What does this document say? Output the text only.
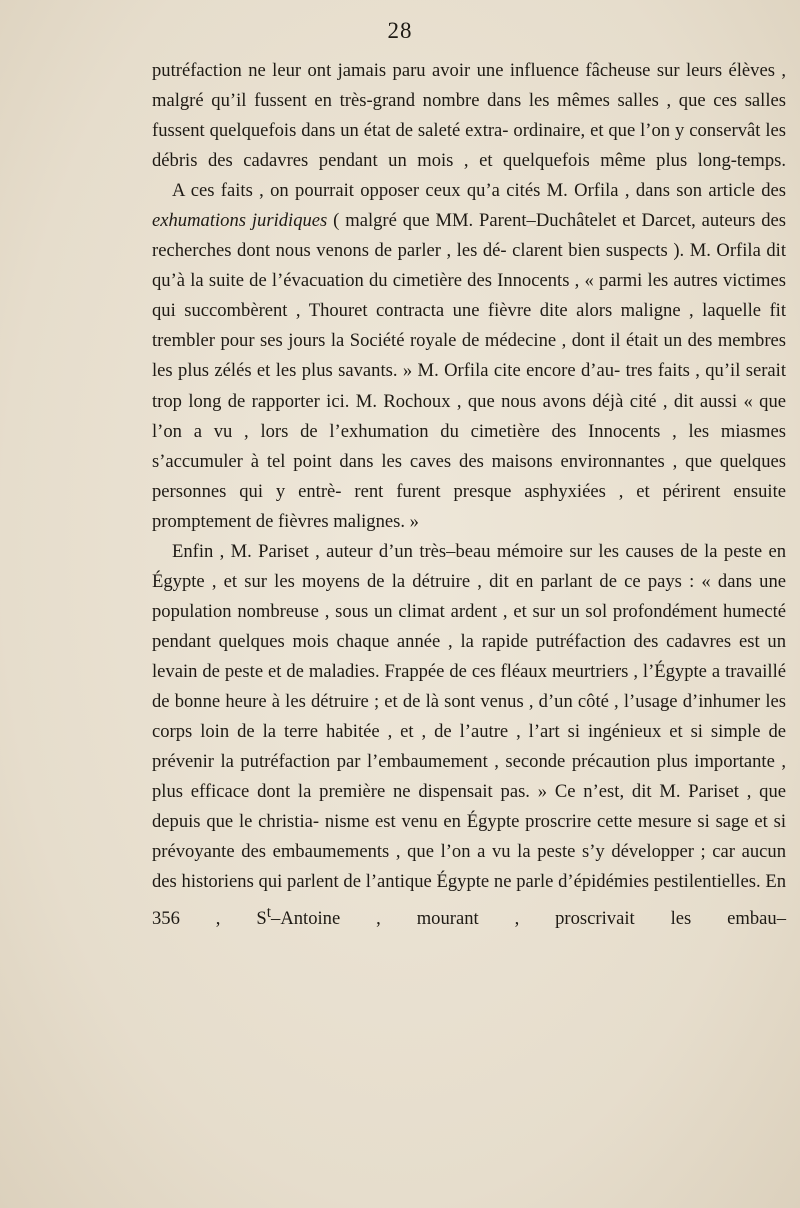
28

putréfaction ne leur ont jamais paru avoir une influence fâcheuse sur leurs élèves , malgré qu’il fussent en très-grand nombre dans les mêmes salles , que ces salles fussent quelquefois dans un état de saleté extra- ordinaire, et que l’on y conservât les débris des cadavres pendant un mois , et quelquefois même plus long-temps.

A ces faits , on pourrait opposer ceux qu’a cités M. Orfila , dans son article des exhumations juridiques ( malgré que MM. Parent–Duchâtelet et Darcet, auteurs des recherches dont nous venons de parler , les dé- clarent bien suspects ). M. Orfila dit qu’à la suite de l’évacuation du cimetière des Innocents , « parmi les autres victimes qui succombèrent , Thouret contracta une fièvre dite alors maligne , laquelle fit trembler pour ses jours la Société royale de médecine , dont il était un des membres les plus zélés et les plus savants. » M. Orfila cite encore d’au- tres faits , qu’il serait trop long de rapporter ici. M. Rochoux , que nous avons déjà cité , dit aussi « que l’on a vu , lors de l’exhumation du cimetière des Innocents , les miasmes s’accumuler à tel point dans les caves des maisons environnantes , que quelques personnes qui y entrè- rent furent presque asphyxiées , et périrent ensuite promptement de fièvres malignes. »

Enfin , M. Pariset , auteur d’un très–beau mémoire sur les causes de la peste en Égypte , et sur les moyens de la détruire , dit en parlant de ce pays : « dans une population nombreuse , sous un climat ardent , et sur un sol profondément humecté pendant quelques mois chaque année , la rapide putréfaction des cadavres est un levain de peste et de maladies. Frappée de ces fléaux meurtriers , l’Égypte a travaillé de bonne heure à les détruire ; et de là sont venus , d’un côté , l’usage d’inhumer les corps loin de la terre habitée , et , de l’autre , l’art si ingénieux et si simple de prévenir la putréfaction par l’embaumement , seconde précaution plus importante , plus efficace dont la première ne dispensait pas. » Ce n’est, dit M. Pariset , que depuis que le christia- nisme est venu en Égypte proscrire cette mesure si sage et si prévoyante des embaumements , que l’on a vu la peste s’y développer ; car aucun des historiens qui parlent de l’antique Égypte ne parle d’épidémies pestilentielles. En 356 , $S^t$–Antoine , mourant , proscrivait les embau–
